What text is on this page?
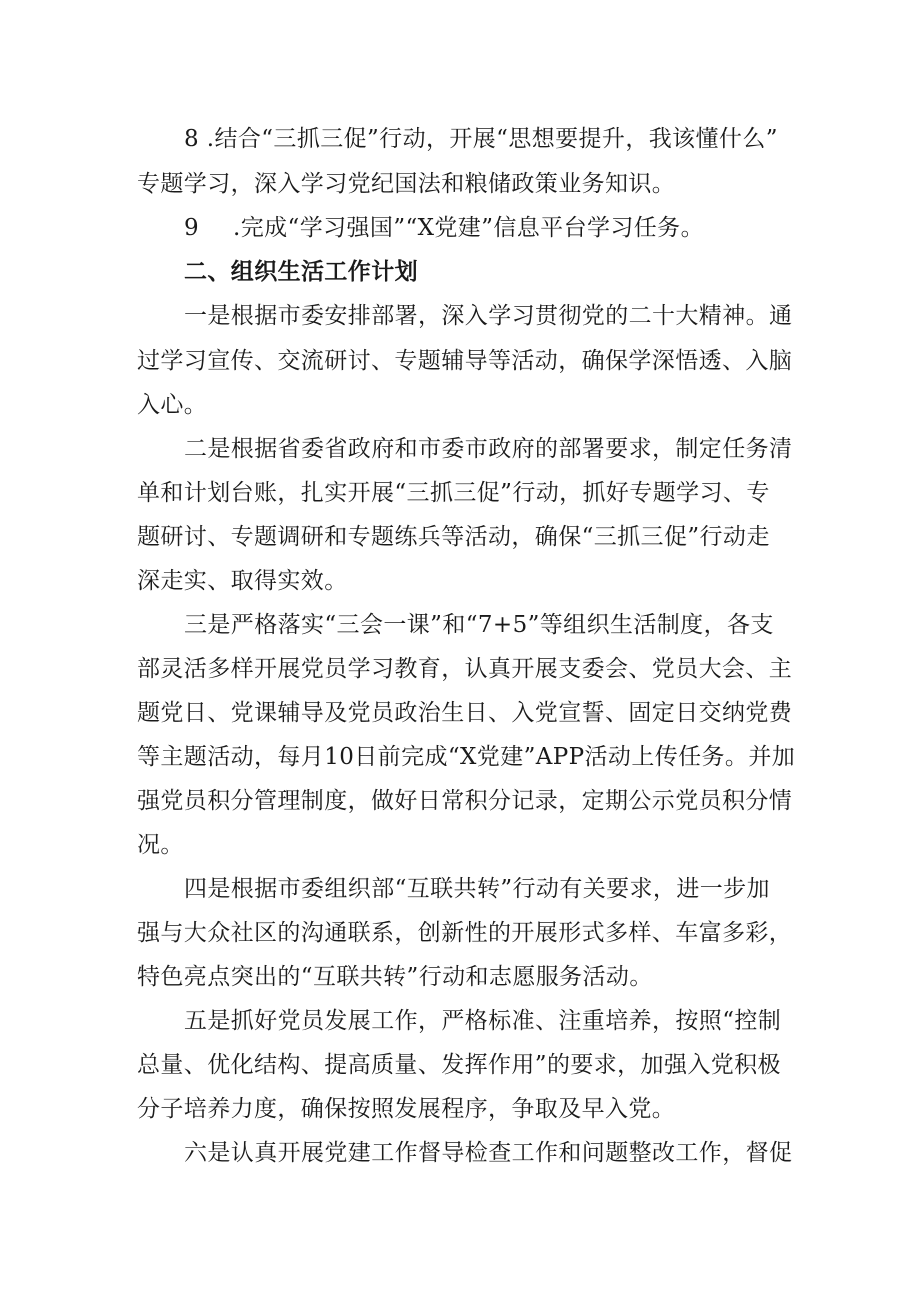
8 .结合“三抓三促”行动，开展“思想要提升，我该懂什么”
专题学习，深入学习党纪国法和粮储政策业务知识。
9 .完成“学习强国”“X党建”信息平台学习任务。
二、组织生活工作计划
一是根据市委安排部署，深入学习贯彻党的二十大精神。通
过学习宣传、交流研讨、专题辅导等活动，确保学深悟透、入脑
入心。
二是根据省委省政府和市委市政府的部署要求，制定任务清
单和计划台账，扎实开展“三抓三促”行动，抓好专题学习、专
题研讨、专题调研和专题练兵等活动，确保“三抓三促”行动走
深走实、取得实效。
三是严格落实“三会一课”和“7+5”等组织生活制度，各支
部灵活多样开展党员学习教育，认真开展支委会、党员大会、主
题党日、党课辅导及党员政治生日、入党宣誓、固定日交纳党费
等主题活动，每月10日前完成“X党建”APP活动上传任务。并加
强党员积分管理制度，做好日常积分记录，定期公示党员积分情
况。
四是根据市委组织部“互联共转”行动有关要求，进一步加
强与大众社区的沟通联系，创新性的开展形式多样、车富多彩，
特色亮点突出的“互联共转”行动和志愿服务活动。
五是抓好党员发展工作，严格标准、注重培养，按照“控制
总量、优化结构、提高质量、发挥作用”的要求，加强入党积极
分子培养力度，确保按照发展程序，争取及早入党。
六是认真开展党建工作督导检查工作和问题整改工作，督促
